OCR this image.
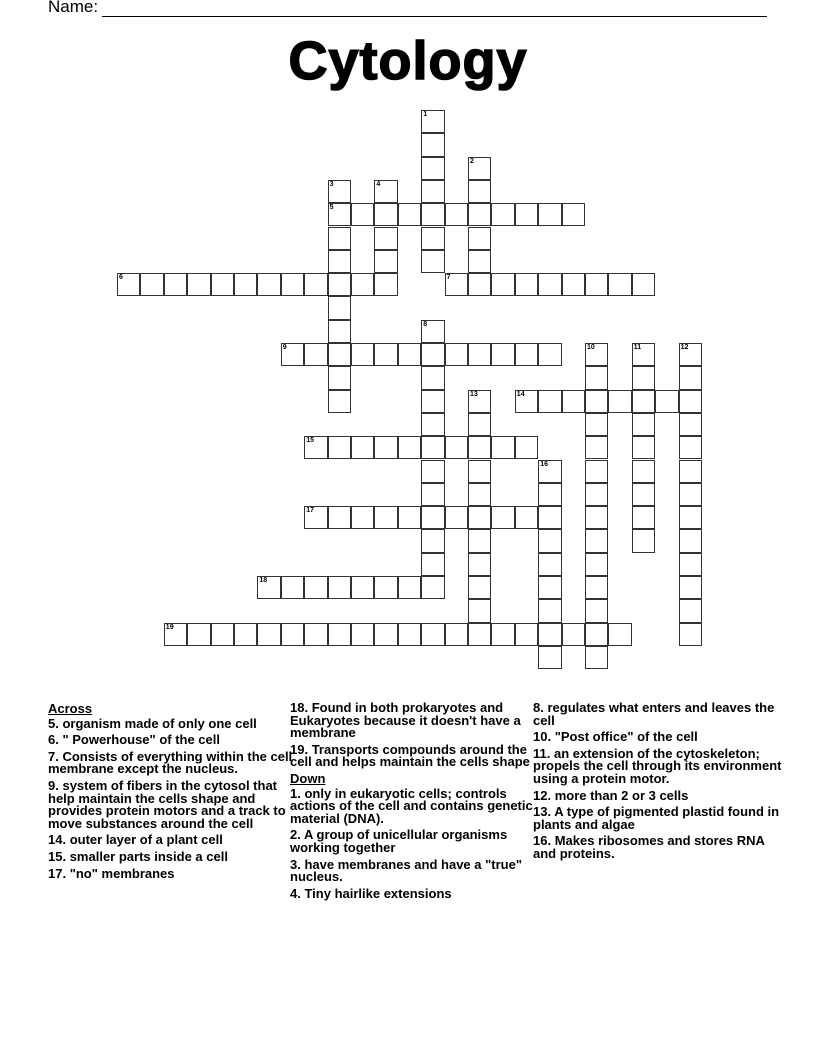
Name:
Cytology
1
2
3
5
4
6	7
8
9	10	11	12
13	14
15
16
17
18
19
Across
5. organism made of only one cell
6. " Powerhouse" of the cell
7. Consists of everything within the cell membrane except the nucleus.
9. system of fibers in the cytosol that help maintain the cells shape and provides protein motors and a track to move substances around the cell
14. outer layer of a plant cell
15. smaller parts inside a cell
17. "no" membranes
18. Found in both prokaryotes and Eukaryotes because it doesn't have a membrane
19. Transports compounds around the cell and helps maintain the cells shape
Down
1. only in eukaryotic cells; controls actions of the cell and contains genetic material (DNA).
2. A group of unicellular organisms working together
3. have membranes and have a "true" nucleus.
4. Tiny hairlike extensions
8. regulates what enters and leaves the cell
10. "Post office" of the cell
11. an extension of the cytoskeleton; propels the cell through its environment using a protein motor.
12. more than 2 or 3 cells
13. A type of pigmented plastid found in plants and algae
16. Makes ribosomes and stores RNA and proteins.
